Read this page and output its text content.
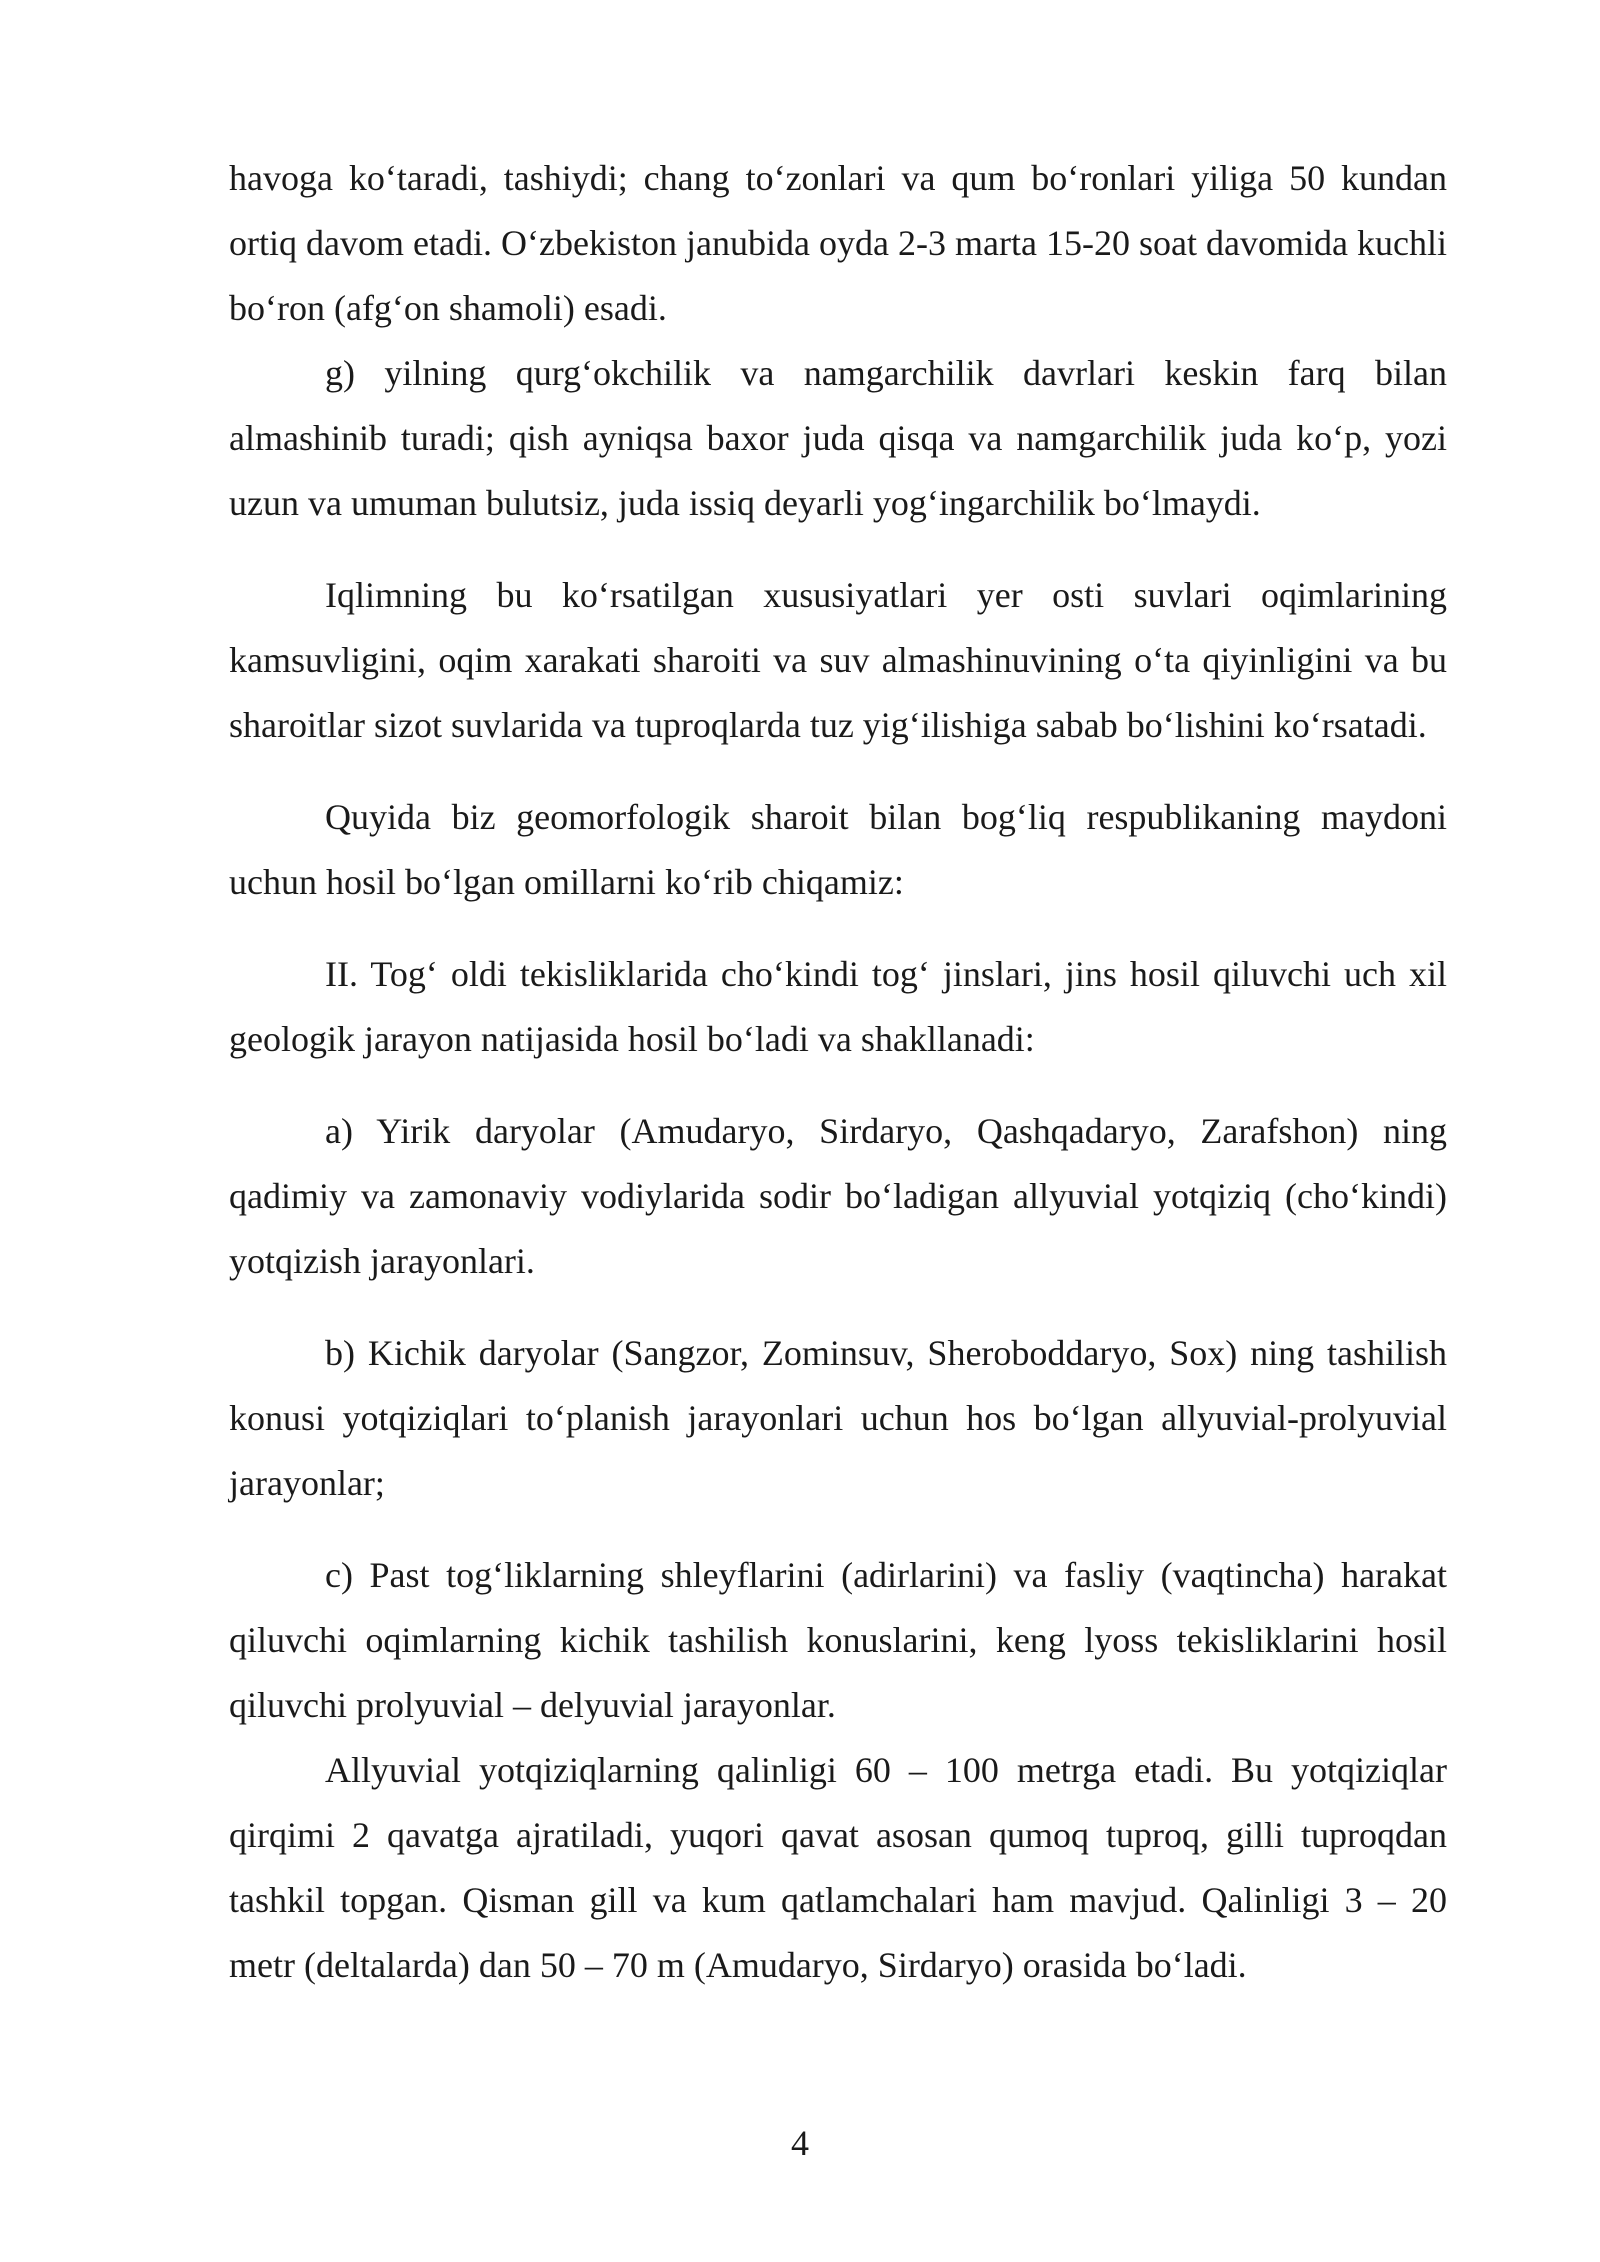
havoga ko‘taradi, tashiydi; chang to‘zonlari va qum bo‘ronlari yiliga 50 kundan ortiq davom etadi. O‘zbekiston janubida oyda 2-3 marta 15-20 soat davomida kuchli bo‘ron (afg‘on shamoli) esadi.

g) yilning qurg‘okchilik va namgarchilik davrlari keskin farq bilan almashinib turadi; qish ayniqsa baxor juda qisqa va namgarchilik juda ko‘p, yozi uzun va umuman bulutsiz, juda issiq deyarli yog‘ingarchilik bo‘lmaydi.

Iqlimning bu ko‘rsatilgan xususiyatlari yer osti suvlari oqimlarining kamsuvligini, oqim xarakati sharoiti va suv almashinuvining o‘ta qiyinligini va bu sharoitlar sizot suvlarida va tuproqlarda tuz yig‘ilishiga sabab bo‘lishini ko‘rsatadi.

Quyida biz geomorfologik sharoit bilan bog‘liq respublikaning maydoni uchun hosil bo‘lgan omillarni ko‘rib chiqamiz:

II. Tog‘ oldi tekisliklarida cho‘kindi tog‘ jinslari, jins hosil qiluvchi uch xil geologik jarayon natijasida hosil bo‘ladi va shakllanadi:

a) Yirik daryolar (Amudaryo, Sirdaryo, Qashqadaryo, Zarafshon) ning qadimiy va zamonaviy vodiylarida sodir bo‘ladigan allyuvial yotqiziq (cho‘kindi) yotqizish jarayonlari.

b) Kichik daryolar (Sangzor, Zominsuv, Sheroboddaryo, Sox) ning tashilish konusi yotqiziqlari to‘planish jarayonlari uchun hos bo‘lgan allyuvial-prolyuvial jarayonlar;

c) Past tog‘liklarning shleyflarini (adirlarini) va fasliy (vaqtincha) harakat qiluvchi oqimlarning kichik tashilish konuslarini, keng lyoss tekisliklarini hosil qiluvchi prolyuvial – delyuvial jarayonlar.

Allyuvial yotqiziqlarning qalinligi 60 – 100 metrga etadi. Bu yotqiziqlar qirqimi 2 qavatga ajratiladi, yuqori qavat asosan qumoq tuproq, gilli tuproqdan tashkil topgan. Qisman gill va kum qatlamchalari ham mavjud. Qalinligi 3 – 20 metr (deltalarda) dan 50 – 70 m (Amudaryo, Sirdaryo) orasida bo‘ladi.

4
